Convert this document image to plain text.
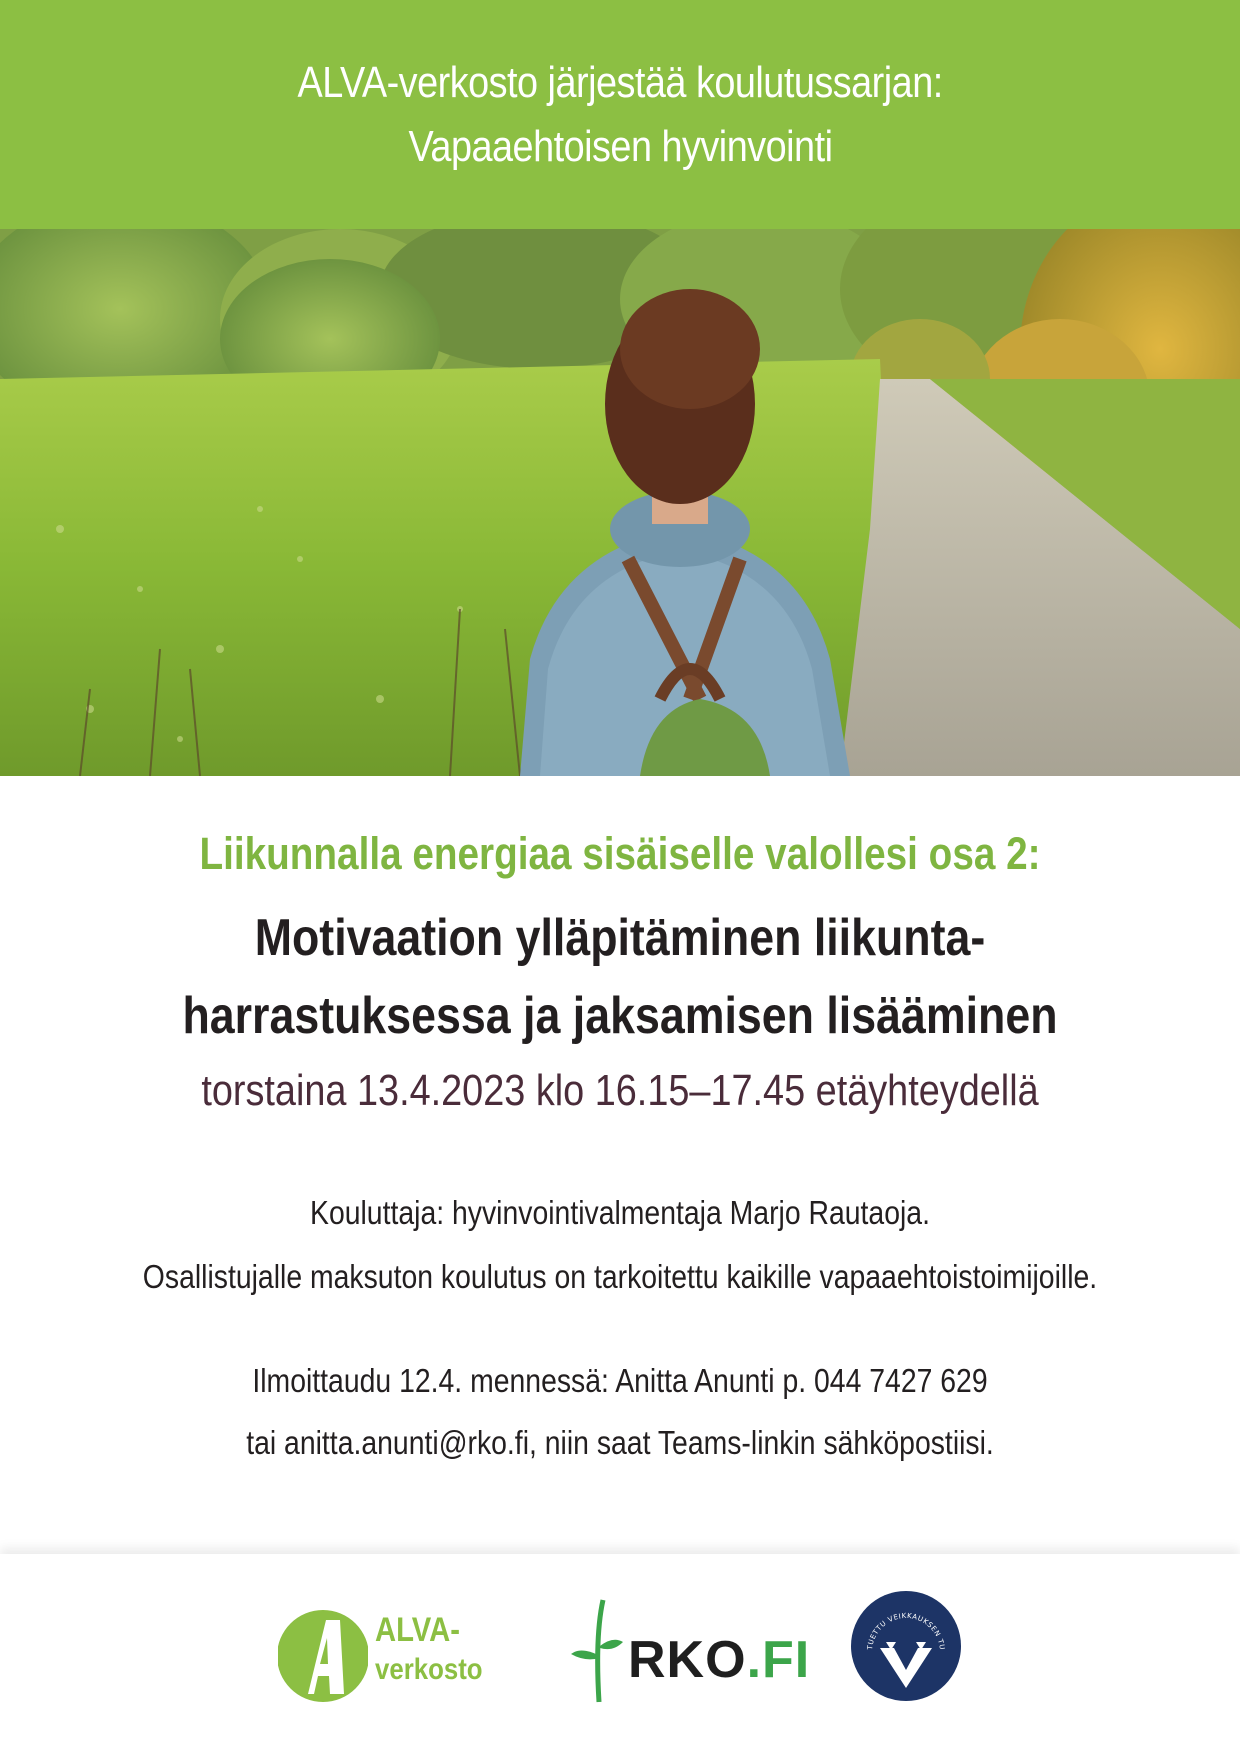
ALVA-verkosto järjestää koulutussarjan:
Vapaaehtoisen hyvinvointi
Liikunnalla energiaa sisäiselle valollesi osa 2:
Motivaation ylläpitäminen liikunta-
harrastuksessa ja jaksamisen lisääminen
torstaina 13.4.2023 klo 16.15–17.45 etäyhteydellä
Kouluttaja: hyvinvointivalmentaja Marjo Rautaoja.
Osallistujalle maksuton koulutus on tarkoitettu kaikille vapaaehtoistoimijoille.
Ilmoittaudu 12.4. mennessä: Anitta Anunti p. 044 7427 629
tai anitta.anunti@rko.fi, niin saat Teams-linkin sähköpostiisi.
ALVA-
verkosto	RKO.FI	TUETTU VEIKKAUKSEN TU
